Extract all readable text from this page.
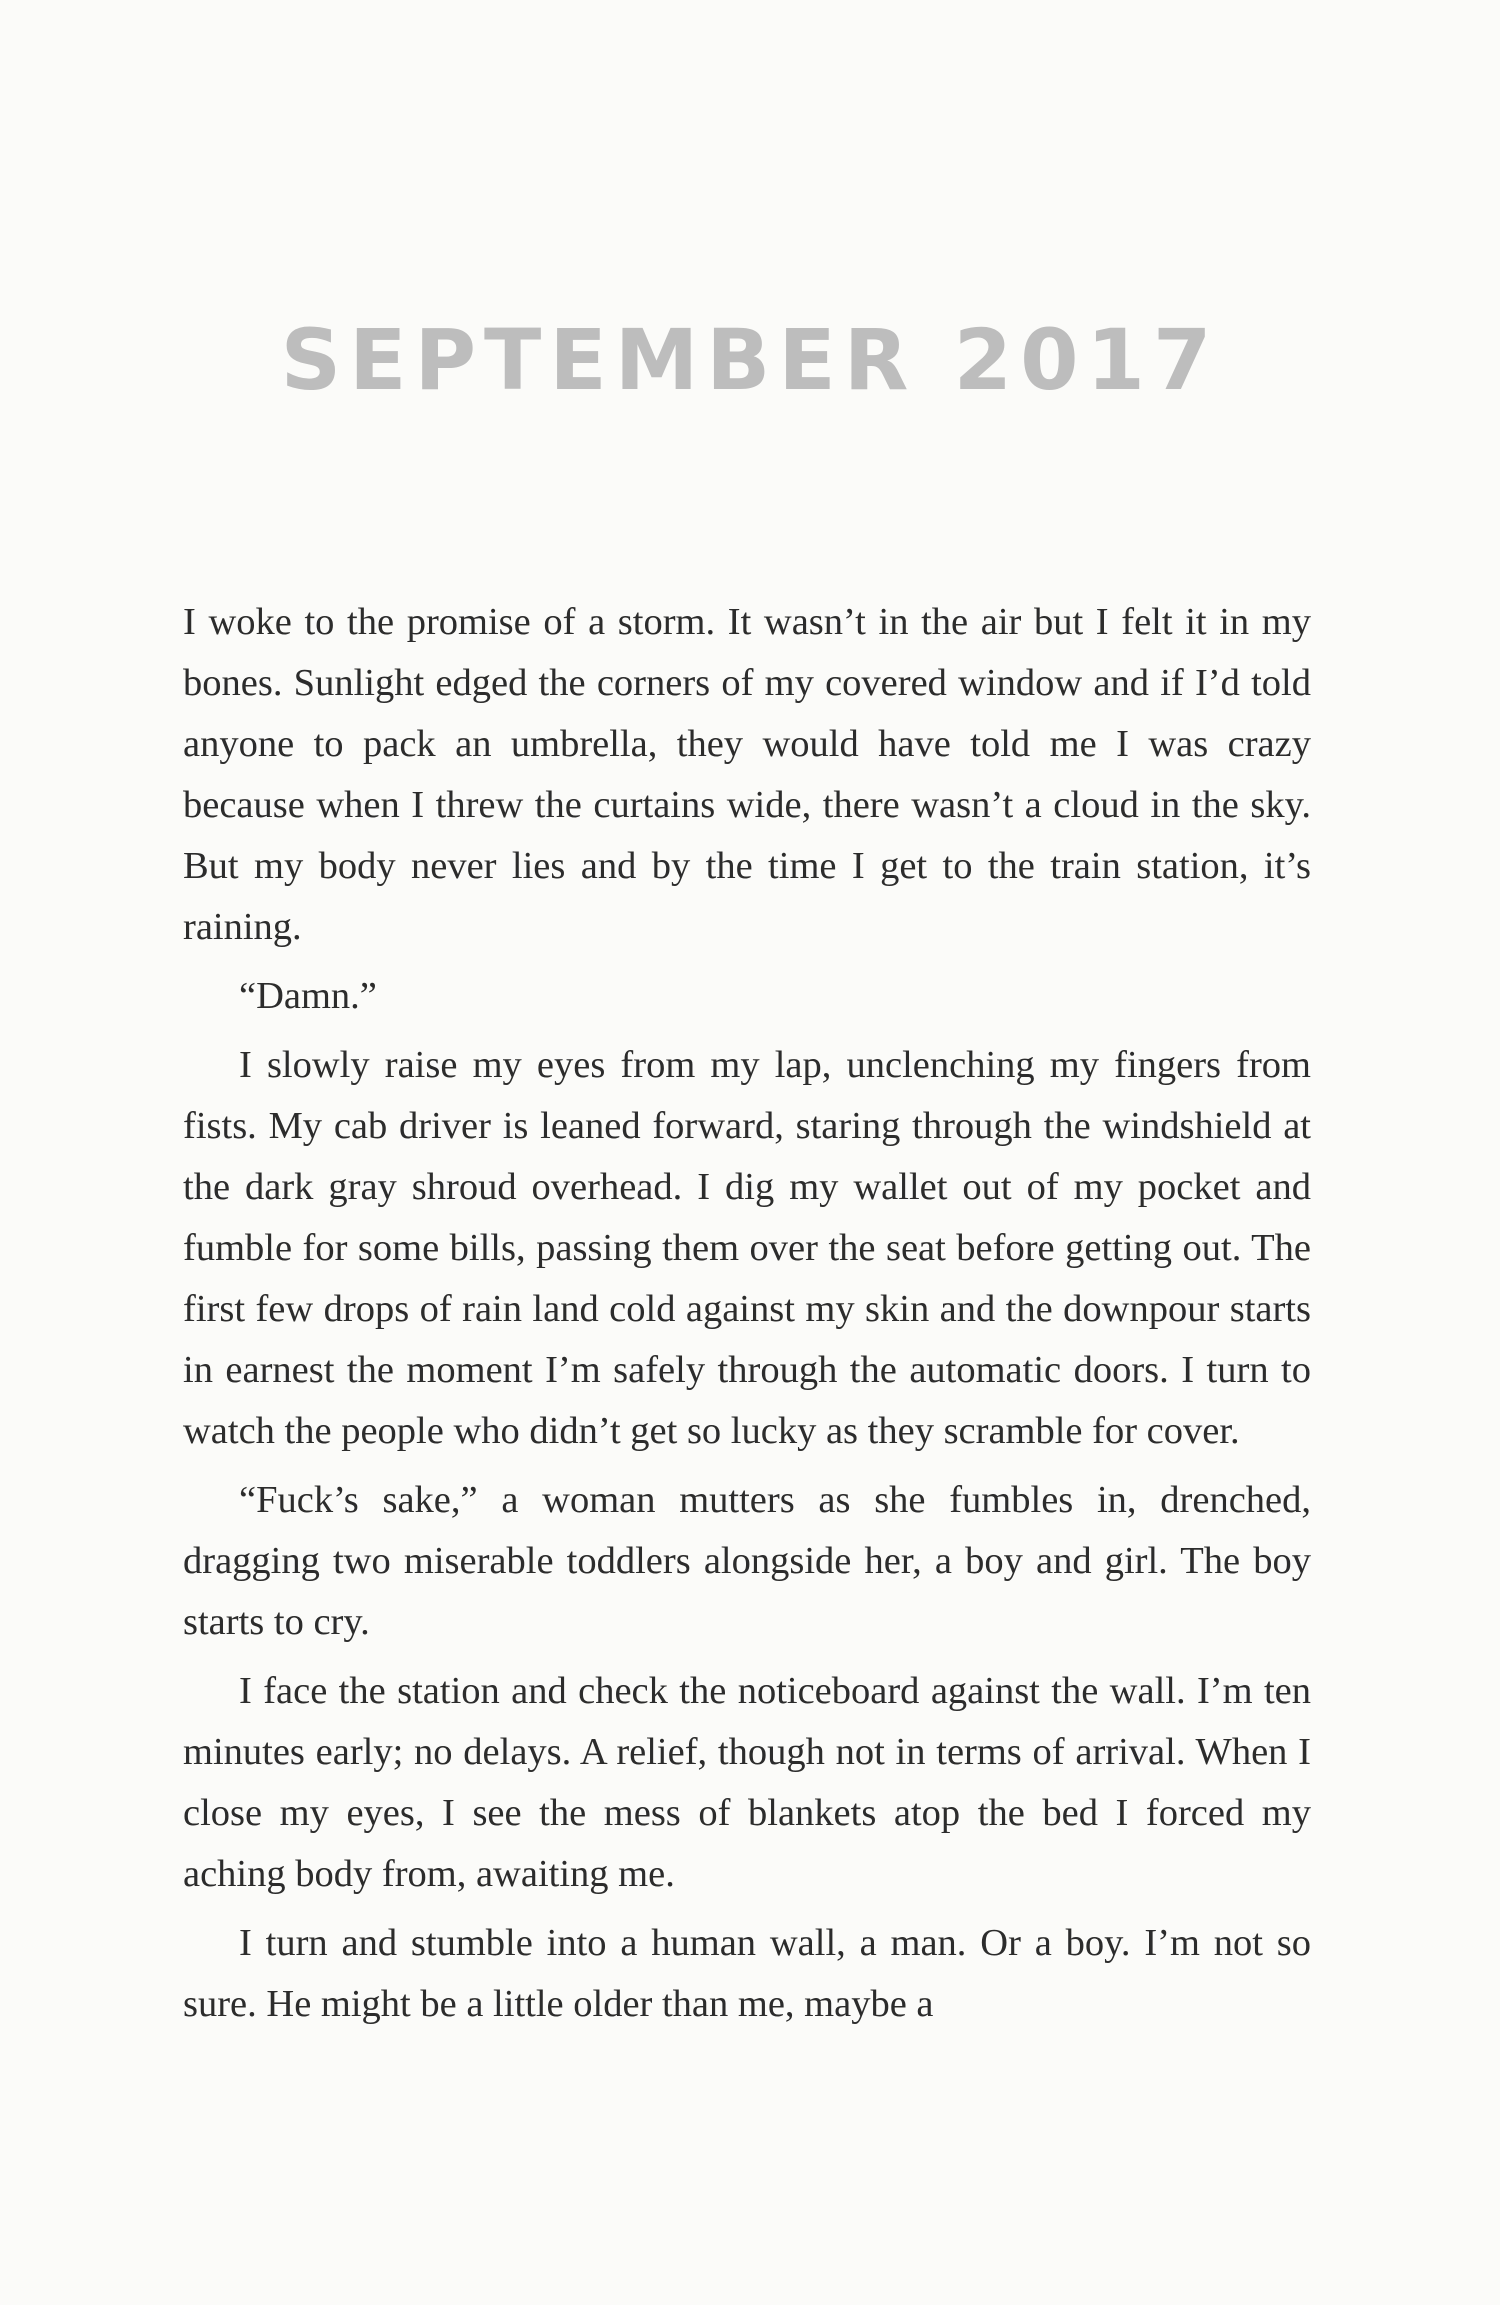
SEPTEMBER 2017

I woke to the promise of a storm. It wasn’t in the air but I felt it in my bones. Sunlight edged the corners of my covered window and if I’d told anyone to pack an umbrella, they would have told me I was crazy because when I threw the curtains wide, there wasn’t a cloud in the sky. But my body never lies and by the time I get to the train station, it’s raining.

“Damn.”

I slowly raise my eyes from my lap, unclenching my fingers from fists. My cab driver is leaned forward, staring through the windshield at the dark gray shroud overhead. I dig my wallet out of my pocket and fumble for some bills, passing them over the seat before getting out. The first few drops of rain land cold against my skin and the downpour starts in earnest the moment I’m safely through the automatic doors. I turn to watch the people who didn’t get so lucky as they scramble for cover.

“Fuck’s sake,” a woman mutters as she fumbles in, drenched, dragging two miserable toddlers alongside her, a boy and girl. The boy starts to cry.

I face the station and check the noticeboard against the wall. I’m ten minutes early; no delays. A relief, though not in terms of arrival. When I close my eyes, I see the mess of blankets atop the bed I forced my aching body from, awaiting me.

I turn and stumble into a human wall, a man. Or a boy. I’m not so sure. He might be a little older than me, maybe a
